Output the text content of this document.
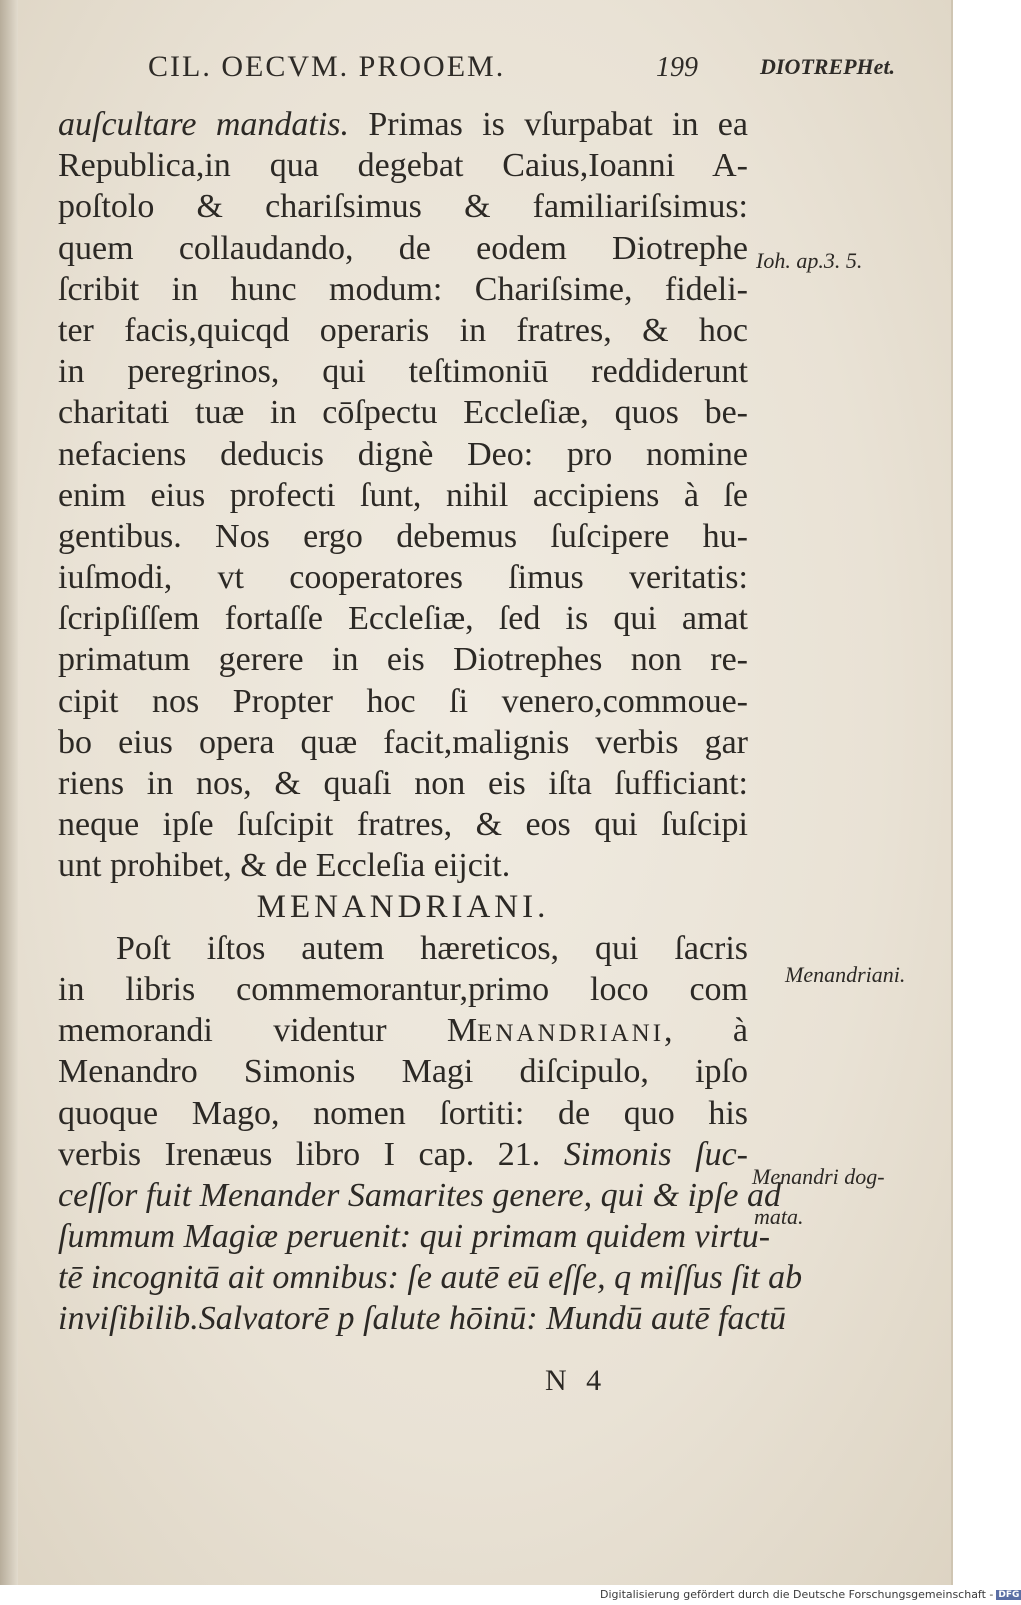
CIL. OECVM. PROOEM.	199	DIOTREPHet.
auſcultare mandatis. Primas is vſurpabat in ea
Republica,in qua degebat Caius,Ioanni A-
poſtolo & chariſsimus & familiariſsimus:
quem collaudando, de eodem Diotrephe
ſcribit in hunc modum: Chariſsime, fideli-
ter facis,quicqd operaris in fratres, & hoc
in peregrinos, qui teſtimoniū reddiderunt
charitati tuæ in cōſpectu Eccleſiæ, quos be-
nefaciens deducis dignè Deo: pro nomine
enim eius profecti ſunt, nihil accipiens à ſe
gentibus. Nos ergo debemus ſuſcipere hu-
iuſmodi, vt cooperatores ſimus veritatis:
ſcripſiſſem fortaſſe Eccleſiæ, ſed is qui amat
primatum gerere in eis Diotrephes non re-
cipit nos Propter hoc ſi venero,commoue-
bo eius opera quæ facit,malignis verbis gar
riens in nos, & quaſi non eis iſta ſufficiant:
neque ipſe ſuſcipit fratres, & eos qui ſuſcipi
unt prohibet, & de Eccleſia eijcit.
MENANDRIANI.
Poſt iſtos autem hæreticos, qui ſacris
in libris commemorantur,primo loco com
memorandi videntur MENANDRIANI, à
Menandro Simonis Magi diſcipulo, ipſo
quoque Mago, nomen ſortiti: de quo his
verbis Irenæus libro I cap. 21. Simonis ſuc-
ceſſor fuit Menander Samarites genere, qui & ipſe ad
ſummum Magiæ peruenit: qui primam quidem virtu-
tē incognitā ait omnibus: ſe autē eū eſſe, q miſſus ſit ab
inviſibilib.Salvatorē p ſalute hōinū: Mundū autē factū
N 4
Ioh. ap.3. 5.
Menandriani.
Menandri dog-
mata.
Digitalisierung gefördert durch die Deutsche Forschungsgemeinschaft - DFG
